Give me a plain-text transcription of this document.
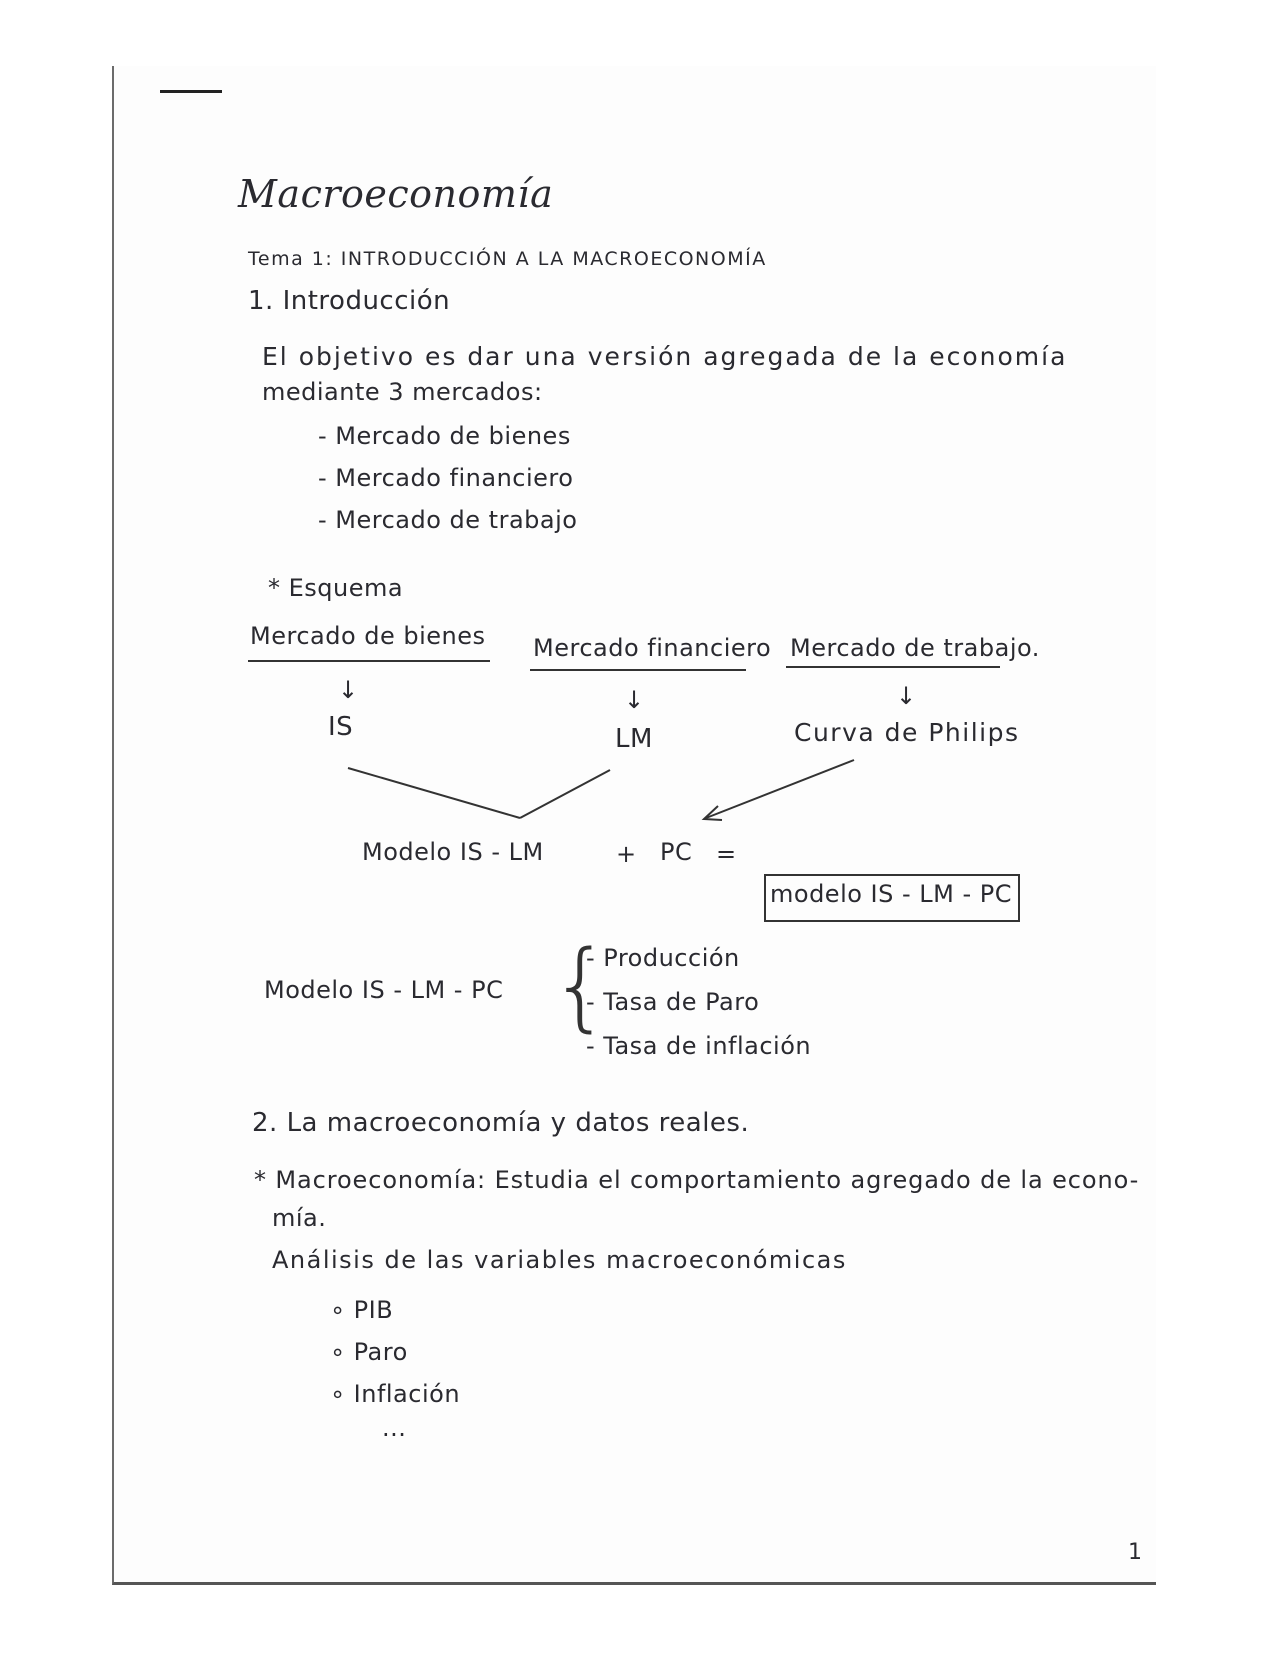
Macroeconomía
Tema 1: INTRODUCCIÓN A LA MACROECONOMÍA
1. Introducción
El objetivo es dar una versión agregada de la economía
mediante 3 mercados:
- Mercado de bienes
- Mercado financiero
- Mercado de trabajo
* Esquema
Mercado de bienes Mercado financiero Mercado de trabajo.
↓	↓	↓
IS	LM	Curva de Philips
Modelo IS - LM	+ PC =
modelo IS - LM - PC
Modelo IS - LM - PC {
- Producción
- Tasa de Paro
- Tasa de inflación
2. La macroeconomía y datos reales.
* Macroeconomía: Estudia el comportamiento agregado de la econo-
mía.
Análisis de las variables macroeconómicas
∘ PIB
∘ Paro
∘ Inflación
...
1
